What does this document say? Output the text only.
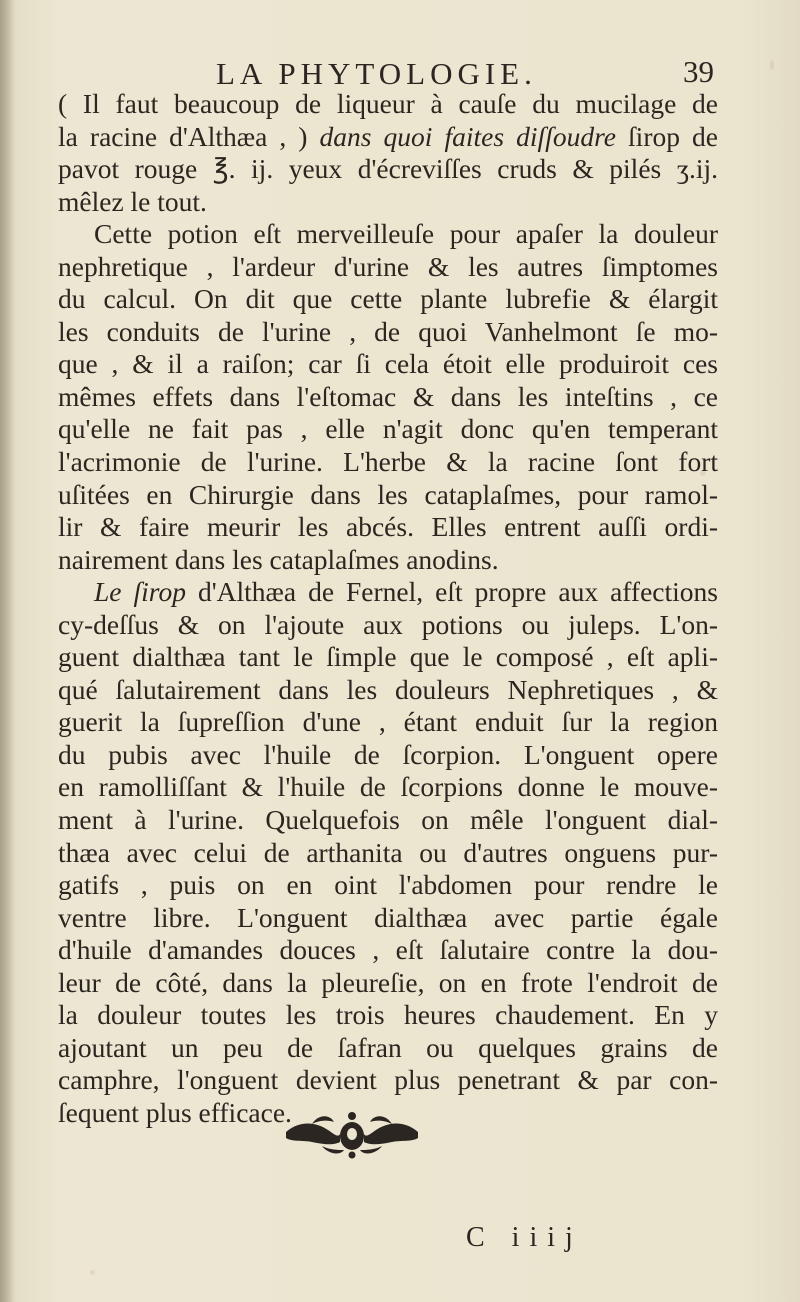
LA PHYTOLOGIE.	39
( Il faut beaucoup de liqueur à cauſe du mucilage de
la racine d'Althæa , ) dans quoi faites diſſoudre ſirop de
pavot rouge ℥. ij. yeux d'écreviſſes cruds & pilés ʒ.ij.
mêlez le tout.
Cette potion eſt merveilleuſe pour apaſer la douleur
nephretique , l'ardeur d'urine & les autres ſimptomes
du calcul. On dit que cette plante lubrefie & élargit
les conduits de l'urine , de quoi Vanhelmont ſe mo-
que , & il a raiſon; car ſi cela étoit elle produiroit ces
mêmes effets dans l'eſtomac & dans les inteſtins , ce
qu'elle ne fait pas , elle n'agit donc qu'en temperant
l'acrimonie de l'urine. L'herbe & la racine ſont fort
uſitées en Chirurgie dans les cataplaſmes, pour ramol-
lir & faire meurir les abcés. Elles entrent auſſi ordi-
nairement dans les cataplaſmes anodins.
Le ſirop d'Althæa de Fernel, eſt propre aux affections
cy-deſſus & on l'ajoute aux potions ou juleps. L'on-
guent dialthæa tant le ſimple que le composé , eſt apli-
qué ſalutairement dans les douleurs Nephretiques , &
guerit la ſupreſſion d'une , étant enduit ſur la region
du pubis avec l'huile de ſcorpion. L'onguent opere
en ramolliſſant & l'huile de ſcorpions donne le mouve-
ment à l'urine. Quelquefois on mêle l'onguent dial-
thæa avec celui de arthanita ou d'autres onguens pur-
gatifs , puis on en oint l'abdomen pour rendre le
ventre libre. L'onguent dialthæa avec partie égale
d'huile d'amandes douces , eſt ſalutaire contre la dou-
leur de côté, dans la pleureſie, on en frote l'endroit de
la douleur toutes les trois heures chaudement. En y
ajoutant un peu de ſafran ou quelques grains de
camphre, l'onguent devient plus penetrant & par con-
ſequent plus efficace.
C iiij
